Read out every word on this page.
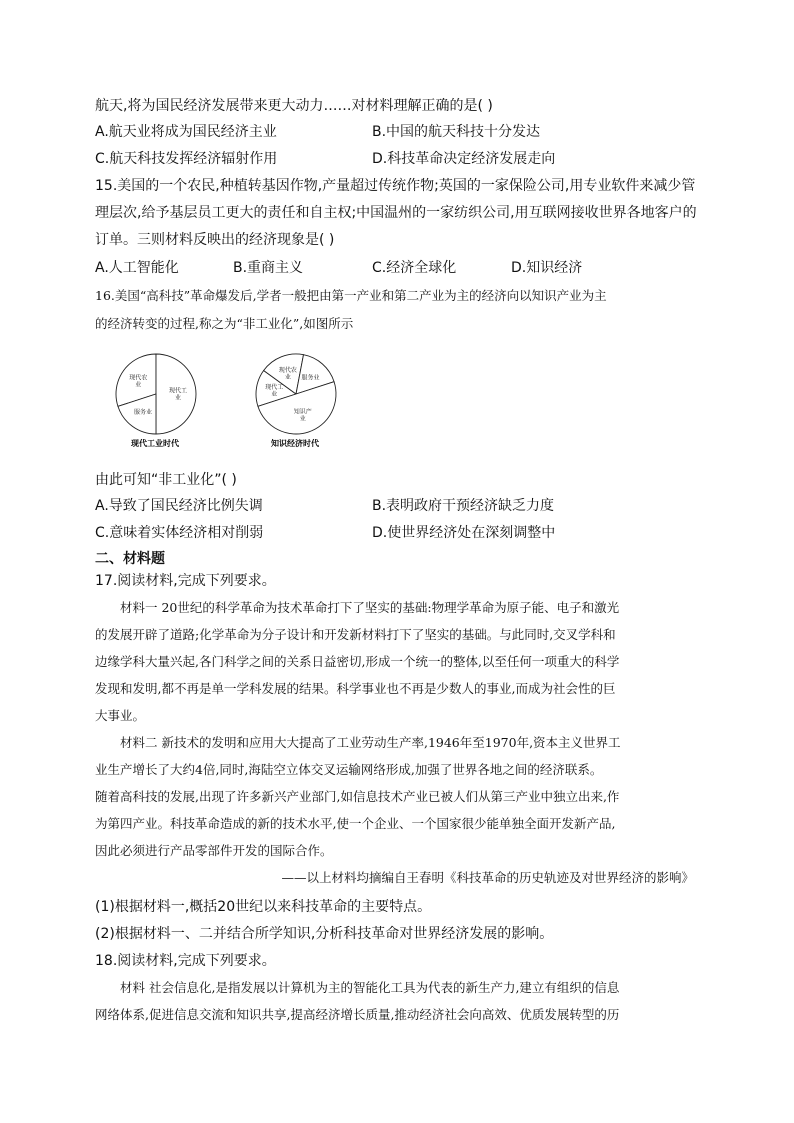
航天,将为国民经济发展带来更大动力……对材料理解正确的是( )
A.航天业将成为国民经济主业	B.中国的航天科技十分发达
C.航天科技发挥经济辐射作用	D.科技革命决定经济发展走向
15.美国的一个农民,种植转基因作物,产量超过传统作物;英国的一家保险公司,用专业软件来减少管
理层次,给予基层员工更大的责任和自主权;中国温州的一家纺织公司,用互联网接收世界各地客户的
订单。三则材料反映出的经济现象是( )
A.人工智能化	B.重商主义	C.经济全球化	D.知识经济
16.美国“高科技”革命爆发后,学者一般把由第一产业和第二产业为主的经济向以知识产业为主
的经济转变的过程,称之为“非工业化”,如图所示
现代农业
现代工业
服务业
现代工业时代
现代工业
现代农业	服务业
知识产业
知识经济时代
由此可知“非工业化”( )
A.导致了国民经济比例失调	B.表明政府干预经济缺乏力度
C.意味着实体经济相对削弱	D.使世界经济处在深刻调整中
二、材料题
17.阅读材料,完成下列要求。
材料一 20世纪的科学革命为技术革命打下了坚实的基础:物理学革命为原子能、电子和激光
的发展开辟了道路;化学革命为分子设计和开发新材料打下了坚实的基础。与此同时,交叉学科和
边缘学科大量兴起,各门科学之间的关系日益密切,形成一个统一的整体,以至任何一项重大的科学
发现和发明,都不再是单一学科发展的结果。科学事业也不再是少数人的事业,而成为社会性的巨
大事业。
材料二 新技术的发明和应用大大提高了工业劳动生产率,1946年至1970年,资本主义世界工
业生产增长了大约4倍,同时,海陆空立体交叉运输网络形成,加强了世界各地之间的经济联系。
随着高科技的发展,出现了许多新兴产业部门,如信息技术产业已被人们从第三产业中独立出来,作
为第四产业。科技革命造成的新的技术水平,使一个企业、一个国家很少能单独全面开发新产品,
因此必须进行产品零部件开发的国际合作。
——以上材料均摘编自王春明《科技革命的历史轨迹及对世界经济的影响》
(1)根据材料一,概括20世纪以来科技革命的主要特点。
(2)根据材料一、二并结合所学知识,分析科技革命对世界经济发展的影响。
18.阅读材料,完成下列要求。
材料 社会信息化,是指发展以计算机为主的智能化工具为代表的新生产力,建立有组织的信息
网络体系,促进信息交流和知识共享,提高经济增长质量,推动经济社会向高效、优质发展转型的历
